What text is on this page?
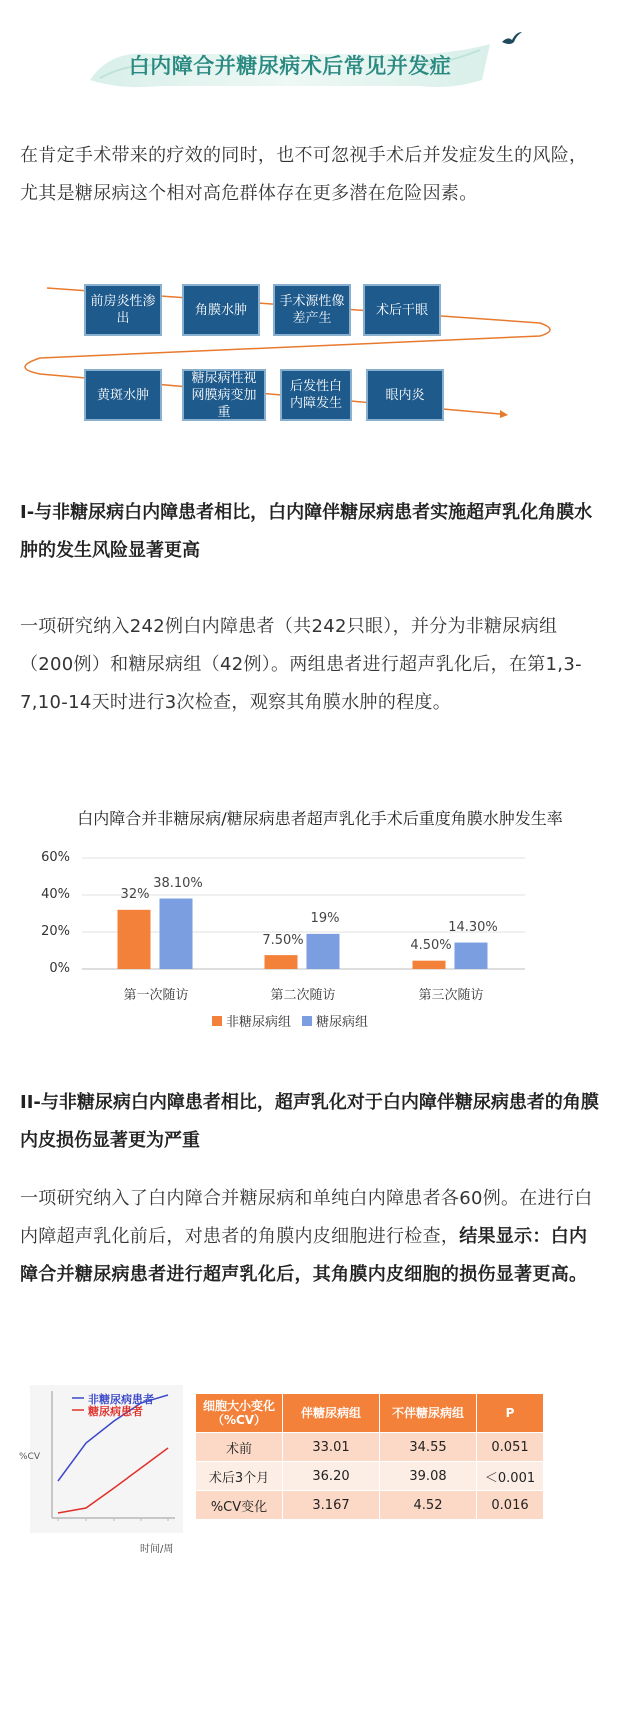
白内障合并糖尿病术后常见并发症

在肯定手术带来的疗效的同时，也不可忽视手术后并发症发生的风险，尤其是糖尿病这个相对高危群体存在更多潜在危险因素。

前房炎性渗出
角膜水肿
手术源性像差产生
术后干眼
黄斑水肿
糖尿病性视网膜病变加重
后发性白内障发生
眼内炎
I-与非糖尿病白内障患者相比，白内障伴糖尿病患者实施超声乳化角膜水肿的发生风险显著更高

一项研究纳入242例白内障患者（共242只眼），并分为非糖尿病组（200例）和糖尿病组（42例）。两组患者进行超声乳化后，在第1,3-7,10-14天时进行3次检查，观察其角膜水肿的程度。

白内障合并非糖尿病/糖尿病患者超声乳化手术后重度角膜水肿发生率
60%
40%
20%
0%
32%
38.10%
7.50%
19%
4.50%
14.30%
第一次随访	第二次随访	第三次随访
非糖尿病组 糖尿病组
II-与非糖尿病白内障患者相比，超声乳化对于白内障伴糖尿病患者的角膜内皮损伤显著更为严重

一项研究纳入了白内障合并糖尿病和单纯白内障患者各60例。在进行白内障超声乳化前后，对患者的角膜内皮细胞进行检查，结果显示：白内障合并糖尿病患者进行超声乳化后，其角膜内皮细胞的损伤显著更高。

非糖尿病患者
糖尿病患者
%CV
时间/周
细胞大小变化（%CV）	伴糖尿病组	不伴糖尿病组	P
术前	33.01	34.55	0.051
术后3个月	36.20	39.08	＜0.001
%CV变化	3.167	4.52	0.016
